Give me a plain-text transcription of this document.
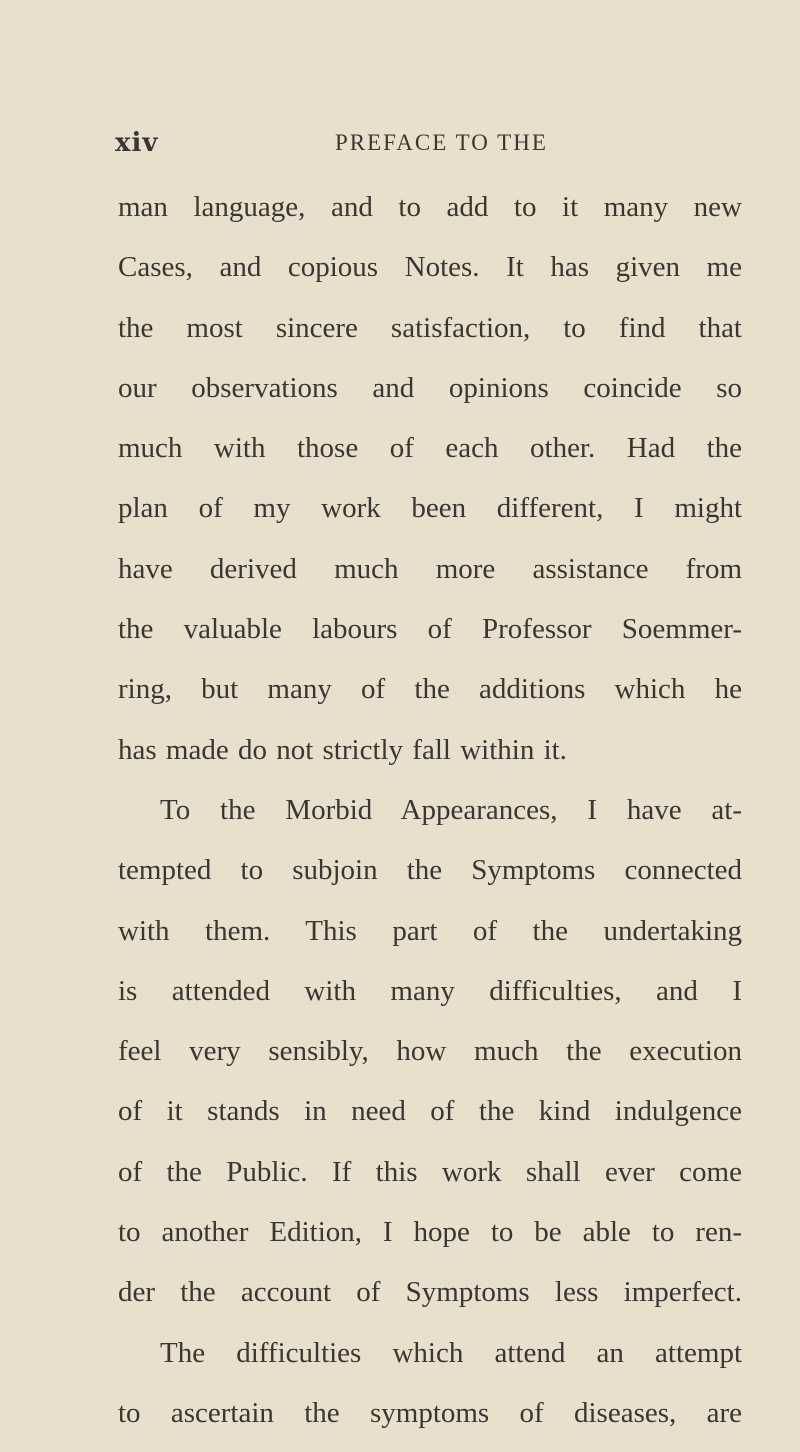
xiv	PREFACE TO THE
man language, and to add to it many new
Cases, and copious Notes. It has given me
the most sincere satisfaction, to find that
our observations and opinions coincide so
much with those of each other. Had the
plan of my work been different, I might
have derived much more assistance from
the valuable labours of Professor Soemmer-
ring, but many of the additions which he
has made do not strictly fall within it.
To the Morbid Appearances, I have at-
tempted to subjoin the Symptoms connected
with them. This part of the undertaking
is attended with many difficulties, and I
feel very sensibly, how much the execution
of it stands in need of the kind indulgence
of the Public. If this work shall ever come
to another Edition, I hope to be able to ren-
der the account of Symptoms less imperfect.
The difficulties which attend an attempt
to ascertain the symptoms of diseases, are
